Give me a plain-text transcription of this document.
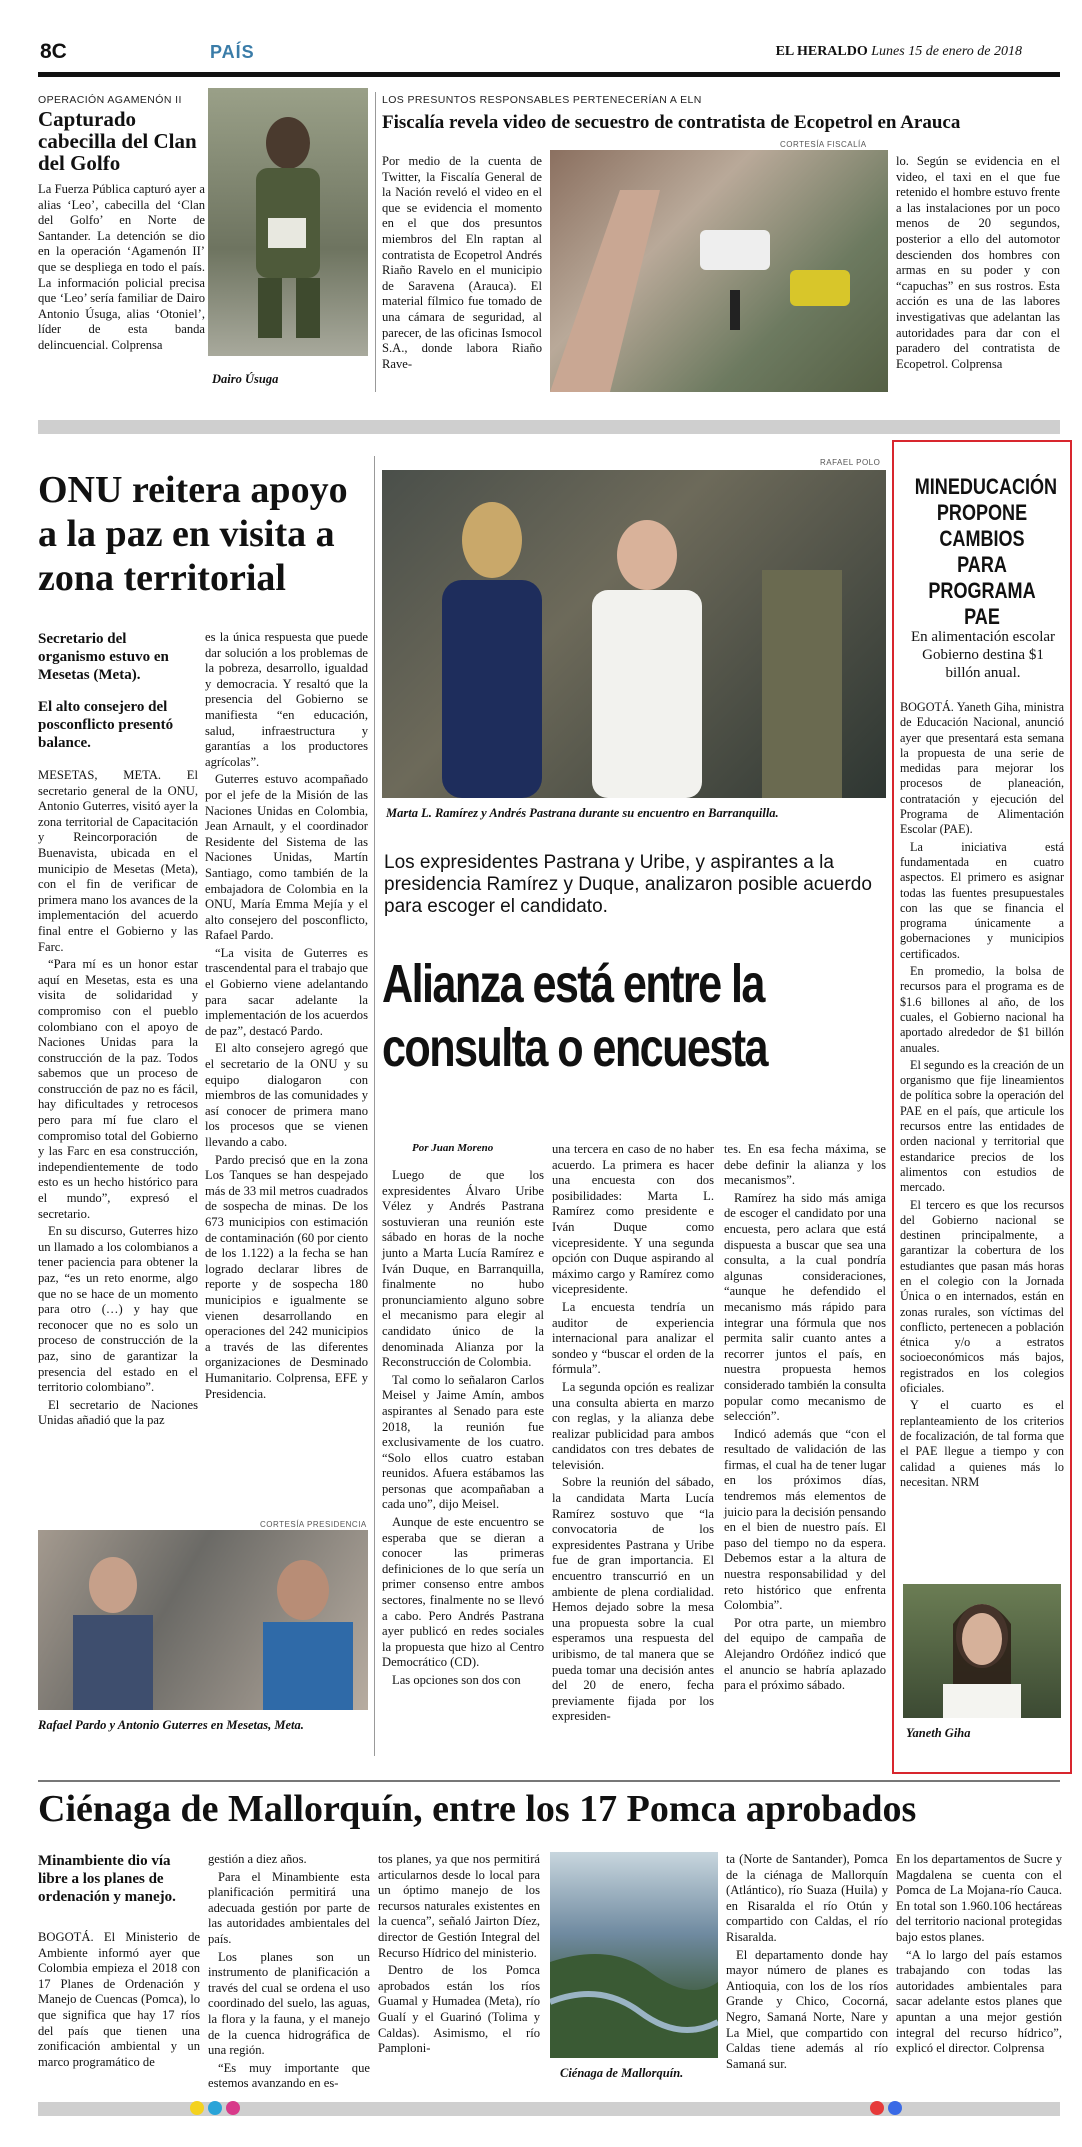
8C	PAÍS	EL HERALDO Lunes 15 de enero de 2018
OPERACIÓN AGAMENÓN II
Capturado cabecilla del Clan del Golfo

La Fuerza Pública capturó ayer a alias ‘Leo’, cabecilla del ‘Clan del Golfo’ en Norte de Santander. La detención se dio en la operación ‘Agamenón II’ que se despliega en todo el país. La información policial precisa que ‘Leo’ sería familiar de Dairo Antonio Úsuga, alias ‘Otoniel’, líder de esta banda delincuencial. Colprensa

Dairo Úsuga
LOS PRESUNTOS RESPONSABLES PERTENECERÍAN A ELN
Fiscalía revela video de secuestro de contratista de Ecopetrol en Arauca
CORTESÍA FISCALÍA
Por medio de la cuenta de Twitter, la Fiscalía General de la Nación reveló el video en el que se evidencia el momento en el que dos presuntos miembros del Eln raptan al contratista de Ecopetrol Andrés Riaño Ravelo en el municipio de Saravena (Arauca). El material fílmico fue tomado de una cámara de seguridad, al parecer, de las oficinas Ismocol S.A., donde labora Riaño Rave-
lo. Según se evidencia en el video, el taxi en el que fue retenido el hombre estuvo frente a las instalaciones por un poco menos de 20 segundos, posterior a ello del automotor descienden dos hombres con armas en su poder y con “capuchas” en sus rostros. Esta acción es una de las labores investigativas que adelantan las autoridades para dar con el paradero del contratista de Ecopetrol. Colprensa
ONU reitera apoyo a la paz en visita a zona territorial
Secretario del organismo estuvo en Mesetas (Meta).
El alto consejero del posconflicto presentó balance.

MESETAS, META. El secretario general de la ONU, Antonio Guterres, visitó ayer la zona territorial de Capacitación y Reincorporación de Buenavista, ubicada en el municipio de Mesetas (Meta), con el fin de verificar de primera mano los avances de la implementación del acuerdo final entre el Gobierno y las Farc.

“Para mí es un honor estar aquí en Mesetas, esta es una visita de solidaridad y compromiso con el pueblo colombiano con el apoyo de Naciones Unidas para la construcción de la paz. Todos sabemos que un proceso de construcción de paz no es fácil, hay dificultades y retrocesos pero para mí fue claro el compromiso total del Gobierno y las Farc en esa construcción, independientemente de todo esto es un hecho histórico para el mundo”, expresó el secretario.

En su discurso, Guterres hizo un llamado a los colombianos a tener paciencia para obtener la paz, “es un reto enorme, algo que no se hace de un momento para otro (…) y hay que reconocer que no es solo un proceso de construcción de la paz, sino de garantizar la presencia del estado en el territorio colombiano”.

El secretario de Naciones Unidas añadió que la paz

es la única respuesta que puede dar solución a los problemas de la pobreza, desarrollo, igualdad y democracia. Y resaltó que la presencia del Gobierno se manifiesta “en educación, salud, infraestructura y garantías a los productores agrícolas”.

Guterres estuvo acompañado por el jefe de la Misión de las Naciones Unidas en Colombia, Jean Arnault, y el coordinador Residente del Sistema de las Naciones Unidas, Martín Santiago, como también de la embajadora de Colombia en la ONU, María Emma Mejía y el alto consejero del posconflicto, Rafael Pardo.

“La visita de Guterres es trascendental para el trabajo que el Gobierno viene adelantando para sacar adelante la implementación de los acuerdos de paz”, destacó Pardo.

El alto consejero agregó que el secretario de la ONU y su equipo dialogaron con miembros de las comunidades y así conocer de primera mano los procesos que se vienen llevando a cabo.

Pardo precisó que en la zona Los Tanques se han despejado más de 33 mil metros cuadrados de sospecha de minas. De los 673 municipios con estimación de contaminación (60 por ciento de los 1.122) a la fecha se han logrado declarar libres de reporte y de sospecha 180 municipios e igualmente se vienen desarrollando en operaciones del 242 municipios a través de las diferentes organizaciones de Desminado Humanitario. Colprensa, EFE y Presidencia.

CORTESÍA PRESIDENCIA
Rafael Pardo y Antonio Guterres en Mesetas, Meta.
RAFAEL POLO
Marta L. Ramírez y Andrés Pastrana durante su encuentro en Barranquilla.
Los expresidentes Pastrana y Uribe, y aspirantes a la presidencia Ramírez y Duque, analizaron posible acuerdo para escoger el candidato.
Alianza está entre la consulta o encuesta
Por Juan Moreno

Luego de que los expresidentes Álvaro Uribe Vélez y Andrés Pastrana sostuvieran una reunión este sábado en horas de la noche junto a Marta Lucía Ramírez e Iván Duque, en Barranquilla, finalmente no hubo pronunciamiento alguno sobre el mecanismo para elegir al candidato único de la denominada Alianza por la Reconstrucción de Colombia.

Tal como lo señalaron Carlos Meisel y Jaime Amín, ambos aspirantes al Senado para este 2018, la reunión fue exclusivamente de los cuatro. “Solo ellos cuatro estaban reunidos. Afuera estábamos las personas que acompañaban a cada uno”, dijo Meisel.

Aunque de este encuentro se esperaba que se dieran a conocer las primeras definiciones de lo que sería un primer consenso entre ambos sectores, finalmente no se llevó a cabo. Pero Andrés Pastrana ayer publicó en redes sociales la propuesta que hizo al Centro Democrático (CD).

Las opciones son dos con

una tercera en caso de no haber acuerdo. La primera es hacer una encuesta con dos posibilidades: Marta L. Ramírez como presidente e Iván Duque como vicepresidente. Y una segunda opción con Duque aspirando al máximo cargo y Ramírez como vicepresidente.

La encuesta tendría un auditor de experiencia internacional para analizar el sondeo y “buscar el orden de la fórmula”.

La segunda opción es realizar una consulta abierta en marzo con reglas, y la alianza debe realizar publicidad para ambos candidatos con tres debates de televisión.

Sobre la reunión del sábado, la candidata Marta Lucía Ramírez sostuvo que “la convocatoria de los expresidentes Pastrana y Uribe fue de gran importancia. El encuentro transcurrió en un ambiente de plena cordialidad. Hemos dejado sobre la mesa una propuesta sobre la cual esperamos una respuesta del uribismo, de tal manera que se pueda tomar una decisión antes del 20 de enero, fecha previamente fijada por los expresiden-

tes. En esa fecha máxima, se debe definir la alianza y los mecanismos”.

Ramírez ha sido más amiga de escoger el candidato por una encuesta, pero aclara que está dispuesta a buscar que sea una consulta, a la cual pondría algunas consideraciones, “aunque he defendido el mecanismo más rápido para integrar una fórmula que nos permita salir cuanto antes a recorrer juntos el país, en nuestra propuesta hemos considerado también la consulta popular como mecanismo de selección”.

Indicó además que “con el resultado de validación de las firmas, el cual ha de tener lugar en los próximos días, tendremos más elementos de juicio para la decisión pensando en el bien de nuestro país. El paso del tiempo no da espera. Debemos estar a la altura de nuestra responsabilidad y del reto histórico que enfrenta Colombia”.

Por otra parte, un miembro del equipo de campaña de Alejandro Ordóñez indicó que el anuncio se habría aplazado para el próximo sábado.

MINEDUCACIÓN PROPONE CAMBIOS PARA PROGRAMA PAE
En alimentación escolar Gobierno destina $1 billón anual.

BOGOTÁ. Yaneth Giha, ministra de Educación Nacional, anunció ayer que presentará esta semana la propuesta de una serie de medidas para mejorar los procesos de planeación, contratación y ejecución del Programa de Alimentación Escolar (PAE).

La iniciativa está fundamentada en cuatro aspectos. El primero es asignar todas las fuentes presupuestales con las que se financia el programa únicamente a gobernaciones y municipios certificados.

En promedio, la bolsa de recursos para el programa es de $1.6 billones al año, de los cuales, el Gobierno nacional ha aportado alrededor de $1 billón anuales.

El segundo es la creación de un organismo que fije lineamientos de política sobre la operación del PAE en el país, que articule los recursos entre las entidades de orden nacional y territorial que estandarice precios de los alimentos con estudios de mercado.

El tercero es que los recursos del Gobierno nacional se destinen principalmente, a garantizar la cobertura de los estudiantes que pasan más horas en el colegio con la Jornada Única o en internados, están en zonas rurales, son víctimas del conflicto, pertenecen a población étnica y/o a estratos socioeconómicos más bajos, registrados en los colegios oficiales.

Y el cuarto es el replanteamiento de los criterios de focalización, de tal forma que el PAE llegue a tiempo y con calidad a quienes más lo necesitan. NRM

Yaneth Giha
Ciénaga de Mallorquín, entre los 17 Pomca aprobados
Minambiente dio vía libre a los planes de ordenación y manejo.
BOGOTÁ. El Ministerio de Ambiente informó ayer que Colombia empieza el 2018 con 17 Planes de Ordenación y Manejo de Cuencas (Pomca), lo que significa que hay 17 ríos del país que tienen una zonificación ambiental y un marco programático de

gestión a diez años.

Para el Minambiente esta planificación permitirá una adecuada gestión por parte de las autoridades ambientales del país.

Los planes son un instrumento de planificación a través del cual se ordena el uso coordinado del suelo, las aguas, la flora y la fauna, y el manejo de la cuenca hidrográfica de una región.

“Es muy importante que estemos avanzando en es-

tos planes, ya que nos permitirá articularnos desde lo local para un óptimo manejo de los recursos naturales existentes en la cuenca”, señaló Jairton Díez, director de Gestión Integral del Recurso Hídrico del ministerio.

Dentro de los Pomca aprobados están los ríos Guamal y Humadea (Meta), río Gualí y el Guarinó (Tolima y Caldas). Asimismo, el río Pamploni-

Ciénaga de Mallorquín.

ta (Norte de Santander), Pomca de la ciénaga de Mallorquín (Atlántico), río Suaza (Huila) y en Risaralda el río Otún y compartido con Caldas, el río Risaralda.

El departamento donde hay mayor número de planes es Antioquia, con los de los ríos Grande y Chico, Cocorná, Negro, Samaná Norte, Nare y La Miel, que compartido con Caldas tiene además al río Samaná sur.

En los departamentos de Sucre y Magdalena se cuenta con el Pomca de La Mojana-río Cauca. En total son 1.960.106 hectáreas del territorio nacional protegidas bajo estos planes.

“A lo largo del país estamos trabajando con todas las autoridades ambientales para sacar adelante estos planes que apuntan a una mejor gestión integral del recurso hídrico”, explicó el director. Colprensa
